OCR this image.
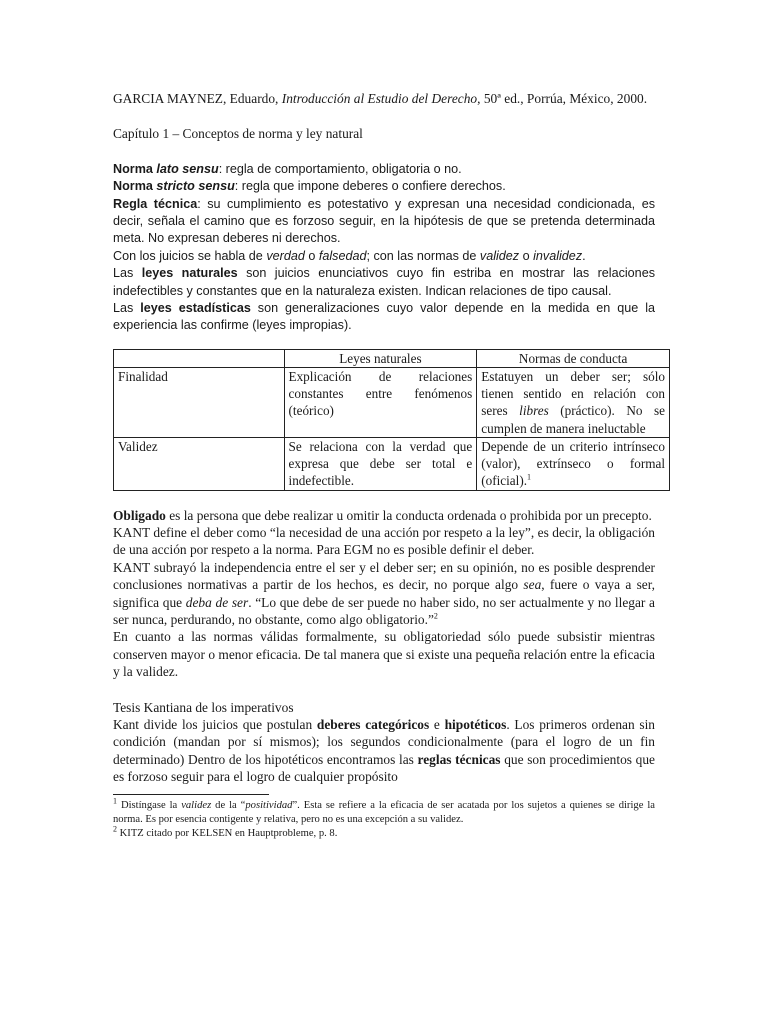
GARCIA MAYNEZ, Eduardo, Introducción al Estudio del Derecho, 50ª ed., Porrúa, México, 2000.

Capítulo 1 – Conceptos de norma y ley natural

Norma lato sensu: regla de comportamiento, obligatoria o no.

Norma stricto sensu: regla que impone deberes o confiere derechos.

Regla técnica: su cumplimiento es potestativo y expresan una necesidad condicionada, es decir, señala el camino que es forzoso seguir, en la hipótesis de que se pretenda determinada meta. No expresan deberes ni derechos.

Con los juicios se habla de verdad o falsedad; con las normas de validez o invalidez.

Las leyes naturales son juicios enunciativos cuyo fin estriba en mostrar las relaciones indefectibles y constantes que en la naturaleza existen. Indican relaciones de tipo causal.

Las leyes estadísticas son generalizaciones cuyo valor depende en la medida en que la experiencia las confirme (leyes impropias).

	Leyes naturales	Normas de conducta
Finalidad	Explicación de relaciones constantes entre fenómenos (teórico)	Estatuyen un deber ser; sólo tienen sentido en relación con seres libres (práctico). No se cumplen de manera ineluctable
Validez	Se relaciona con la verdad que expresa que debe ser total e indefectible.	Depende de un criterio intrínseco (valor), extrínseco o formal (oficial).$^1$

Obligado es la persona que debe realizar u omitir la conducta ordenada o prohibida por un precepto.

KANT define el deber como “la necesidad de una acción por respeto a la ley”, es decir, la obligación de una acción por respeto a la norma. Para EGM no es posible definir el deber.

KANT subrayó la independencia entre el ser y el deber ser; en su opinión, no es posible desprender conclusiones normativas a partir de los hechos, es decir, no porque algo sea, fuere o vaya a ser, significa que deba de ser. “Lo que debe de ser puede no haber sido, no ser actualmente y no llegar a ser nunca, perdurando, no obstante, como algo obligatorio.”$^2$

En cuanto a las normas válidas formalmente, su obligatoriedad sólo puede subsistir mientras conserven mayor o menor eficacia. De tal manera que si existe una pequeña relación entre la eficacia y la validez.

Tesis Kantiana de los imperativos

Kant divide los juicios que postulan deberes categóricos e hipotéticos. Los primeros ordenan sin condición (mandan por sí mismos); los segundos condicionalmente (para el logro de un fin determinado) Dentro de los hipotéticos encontramos las reglas técnicas que son procedimientos que es forzoso seguir para el logro de cualquier propósito

$^1$ Distíngase la validez de la “positividad”. Esta se refiere a la eficacia de ser acatada por los sujetos a quienes se dirige la norma. Es por esencia contigente y relativa, pero no es una excepción a su validez.

$^2$ KITZ citado por KELSEN en Hauptprobleme, p. 8.
